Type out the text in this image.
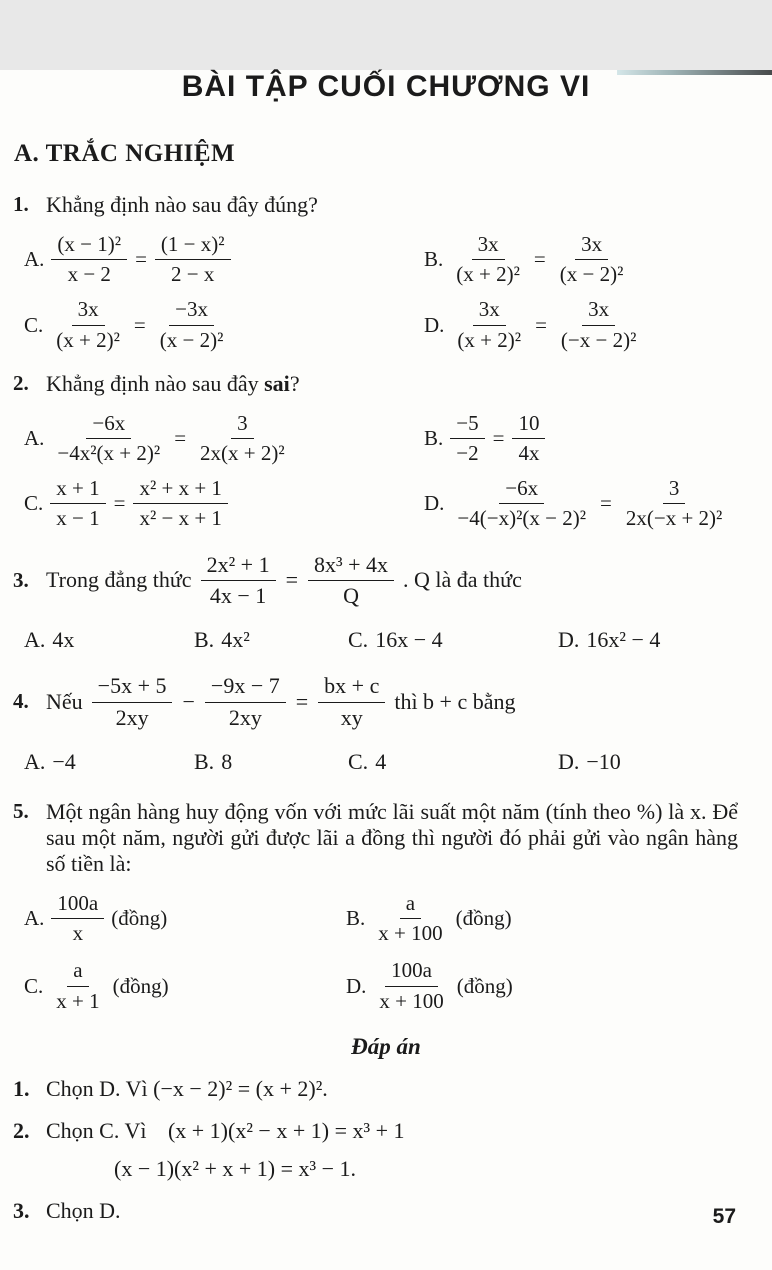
BÀI TẬP CUỐI CHƯƠNG VI
A. TRẮC NGHIỆM
1. Khẳng định nào sau đây đúng?
A. $\frac{\text{(x − 1)²}}{x - 2} = \frac{\text{(1 − x)²}}{2 - x}$	B. $\frac{3x}{\text{(x + 2)²}} = \frac{3x}{\text{(x − 2)²}}$
C. $\frac{3x}{\text{(x + 2)²}} = \frac{-3x}{\text{(x − 2)²}}$	D. $\frac{3x}{\text{(x + 2)²}} = \frac{3x}{\text{(−x − 2)²}}$
2. Khẳng định nào sau đây sai?
A. $\frac{-6x}{\text{−4x²(x + 2)²}} = \frac{3}{\text{2x(x + 2)²}}$	B. $\frac{-5}{-2} = \frac{10}{4x}$
C. $\frac{x + 1}{x - 1} = \frac{\text{x² + x + 1}}{\text{x² − x + 1}}$	D. $\frac{-6x}{\text{−4(−x)²(x − 2)²}} = \frac{3}{\text{2x(−x + 2)²}}$
3. Trong đẳng thức $\frac{\text{2x² + 1}}{4x - 1} = \frac{\text{8x³ + 4x}}{Q}$ . Q là đa thức
A. 4x	B. 4x²	C. 16x − 4	D. 16x² − 4
4. Nếu $\frac{-5x + 5}{2xy} - \frac{-9x - 7}{2xy} = \frac{bx + c}{xy}$ thì b + c bằng
A. −4	B. 8	C. 4	D. −10
5. Một ngân hàng huy động vốn với mức lãi suất một năm (tính theo %) là x. Để sau một năm, người gửi được lãi a đồng thì người đó phải gửi vào ngân hàng số tiền là:
A. $\frac{100a}{x}$ (đồng)	B. $\frac{a}{x + 100}$ (đồng)
C. $\frac{a}{x + 1}$ (đồng)	D. $\frac{100a}{x + 100}$ (đồng)
Đáp án
1. Chọn D. Vì (−x − 2)² = (x + 2)².
2. Chọn C. Vì (x + 1)(x² − x + 1) = x³ + 1
(x − 1)(x² + x + 1) = x³ − 1.
3. Chọn D.	57
